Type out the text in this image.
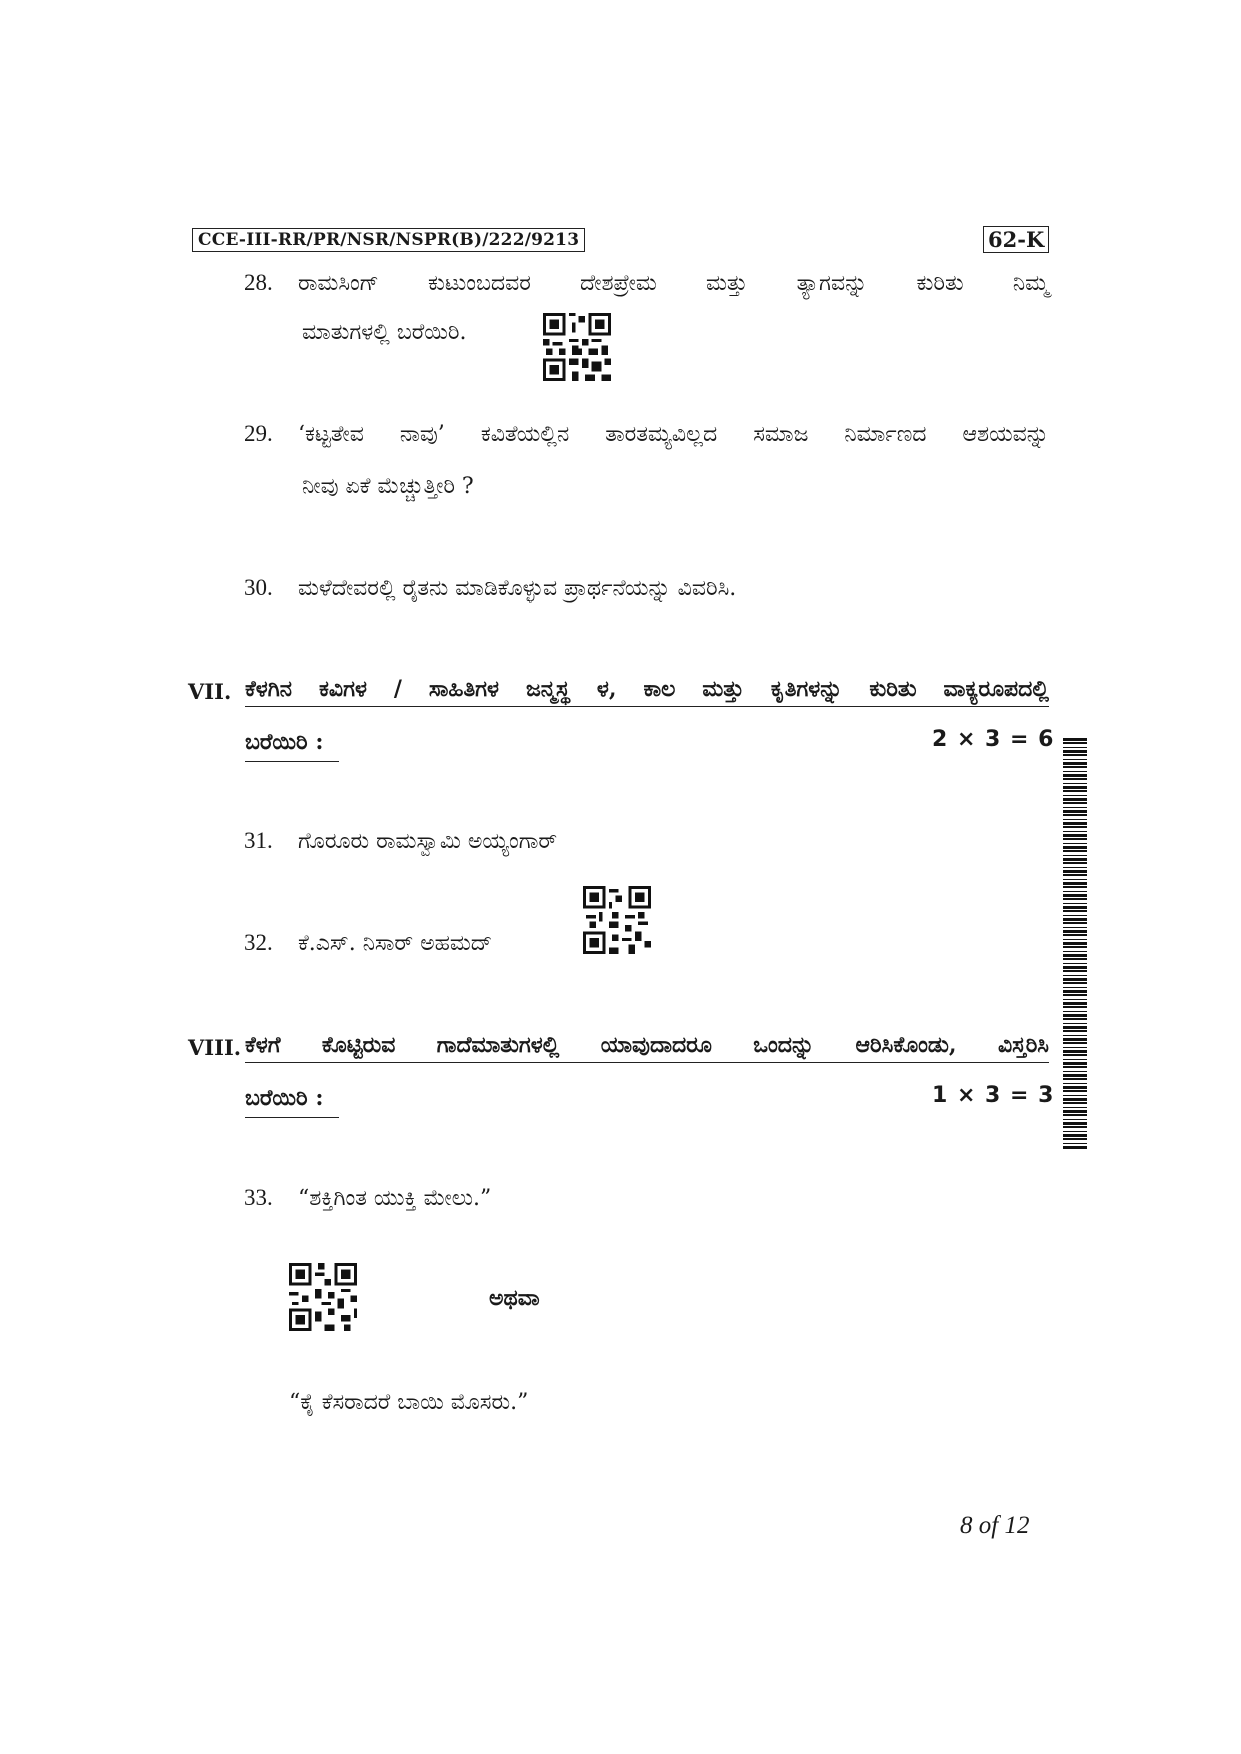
CCE-III-RR/PR/NSR/NSPR(B)/222/9213	62-K
28. ರಾಮಸಿಂಗ್ ಕುಟುಂಬದವರ ದೇಶಪ್ರೇಮ ಮತ್ತು ತ್ಯಾಗವನ್ನು ಕುರಿತು ನಿಮ್ಮ
ಮಾತುಗಳಲ್ಲಿ ಬರೆಯಿರಿ.
29. ‘ಕಟ್ಟತೇವ ನಾವು’ ಕವಿತೆಯಲ್ಲಿನ ತಾರತಮ್ಯವಿಲ್ಲದ ಸಮಾಜ ನಿರ್ಮಾಣದ ಆಶಯವನ್ನು
ನೀವು ಏಕೆ ಮೆಚ್ಚುತ್ತೀರಿ ?
30. ಮಳೆದೇವರಲ್ಲಿ ರೈತನು ಮಾಡಿಕೊಳ್ಳುವ ಪ್ರಾರ್ಥನೆಯನ್ನು ವಿವರಿಸಿ.
VII. ಕೆಳಗಿನ ಕವಿಗಳ / ಸಾಹಿತಿಗಳ ಜನ್ಮಸ್ಥ ಳ, ಕಾಲ ಮತ್ತು ಕೃತಿಗಳನ್ನು ಕುರಿತು ವಾಕ್ಯರೂಪದಲ್ಲಿ
ಬರೆಯಿರಿ :	2 × 3 = 6
31. ಗೊರೂರು ರಾಮಸ್ವಾಮಿ ಅಯ್ಯಂಗಾರ್
32. ಕೆ.ಎಸ್. ನಿಸಾರ್ ಅಹಮದ್
VIII. ಕೆಳಗೆ ಕೊಟ್ಟಿರುವ ಗಾದೆಮಾತುಗಳಲ್ಲಿ ಯಾವುದಾದರೂ ಒಂದನ್ನು ಆರಿಸಿಕೊಂಡು, ವಿಸ್ತರಿಸಿ
ಬರೆಯಿರಿ :	1 × 3 = 3
33. “ಶಕ್ತಿಗಿಂತ ಯುಕ್ತಿ ಮೇಲು.”
ಅಥವಾ
“ಕೈ ಕೆಸರಾದರೆ ಬಾಯಿ ಮೊಸರು.”
8 of 12
